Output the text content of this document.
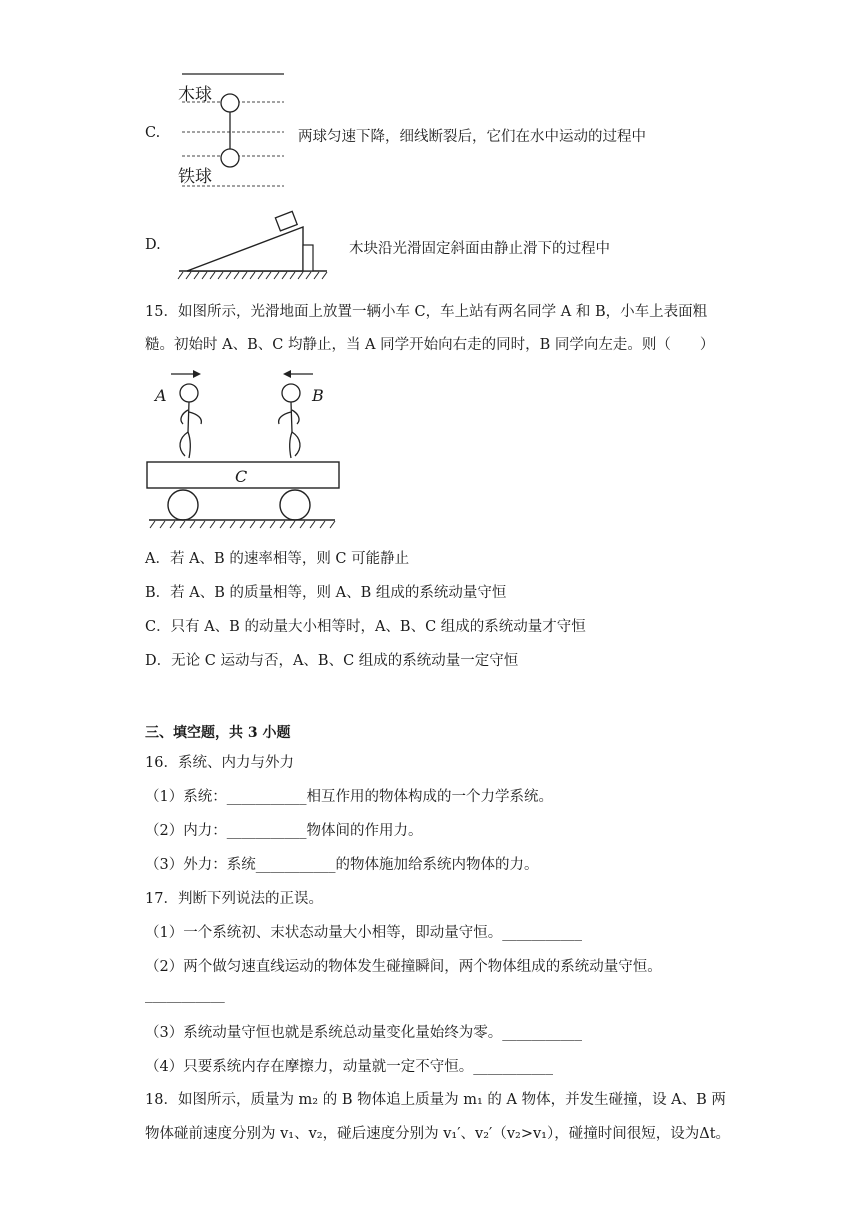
C.
木球
铁球
两球匀速下降，细线断裂后，它们在水中运动的过程中
D.	木块沿光滑固定斜面由静止滑下的过程中
15．如图所示，光滑地面上放置一辆小车 C，车上站有两名同学 A 和 B，小车上表面粗
糙。初始时 A、B、C 均静止，当 A 同学开始向右走的同时，B 同学向左走。则（　　）
A	B
C
A．若 A、B 的速率相等，则 C 可能静止
B．若 A、B 的质量相等，则 A、B 组成的系统动量守恒
C．只有 A、B 的动量大小相等时，A、B、C 组成的系统动量才守恒
D．无论 C 运动与否，A、B、C 组成的系统动量一定守恒
三、填空题，共 3 小题
16．系统、内力与外力
（1）系统：___________相互作用的物体构成的一个力学系统。
（2）内力：___________物体间的作用力。
（3）外力：系统___________的物体施加给系统内物体的力。
17．判断下列说法的正误。
（1）一个系统初、末状态动量大小相等，即动量守恒。___________
（2）两个做匀速直线运动的物体发生碰撞瞬间，两个物体组成的系统动量守恒。
___________
（3）系统动量守恒也就是系统总动量变化量始终为零。___________
（4）只要系统内存在摩擦力，动量就一定不守恒。___________
18．如图所示，质量为 m₂ 的 B 物体追上质量为 m₁ 的 A 物体，并发生碰撞，设 A、B 两
物体碰前速度分别为 v₁、v₂，碰后速度分别为 v₁′、v₂′（v₂>v₁），碰撞时间很短，设为Δt。
